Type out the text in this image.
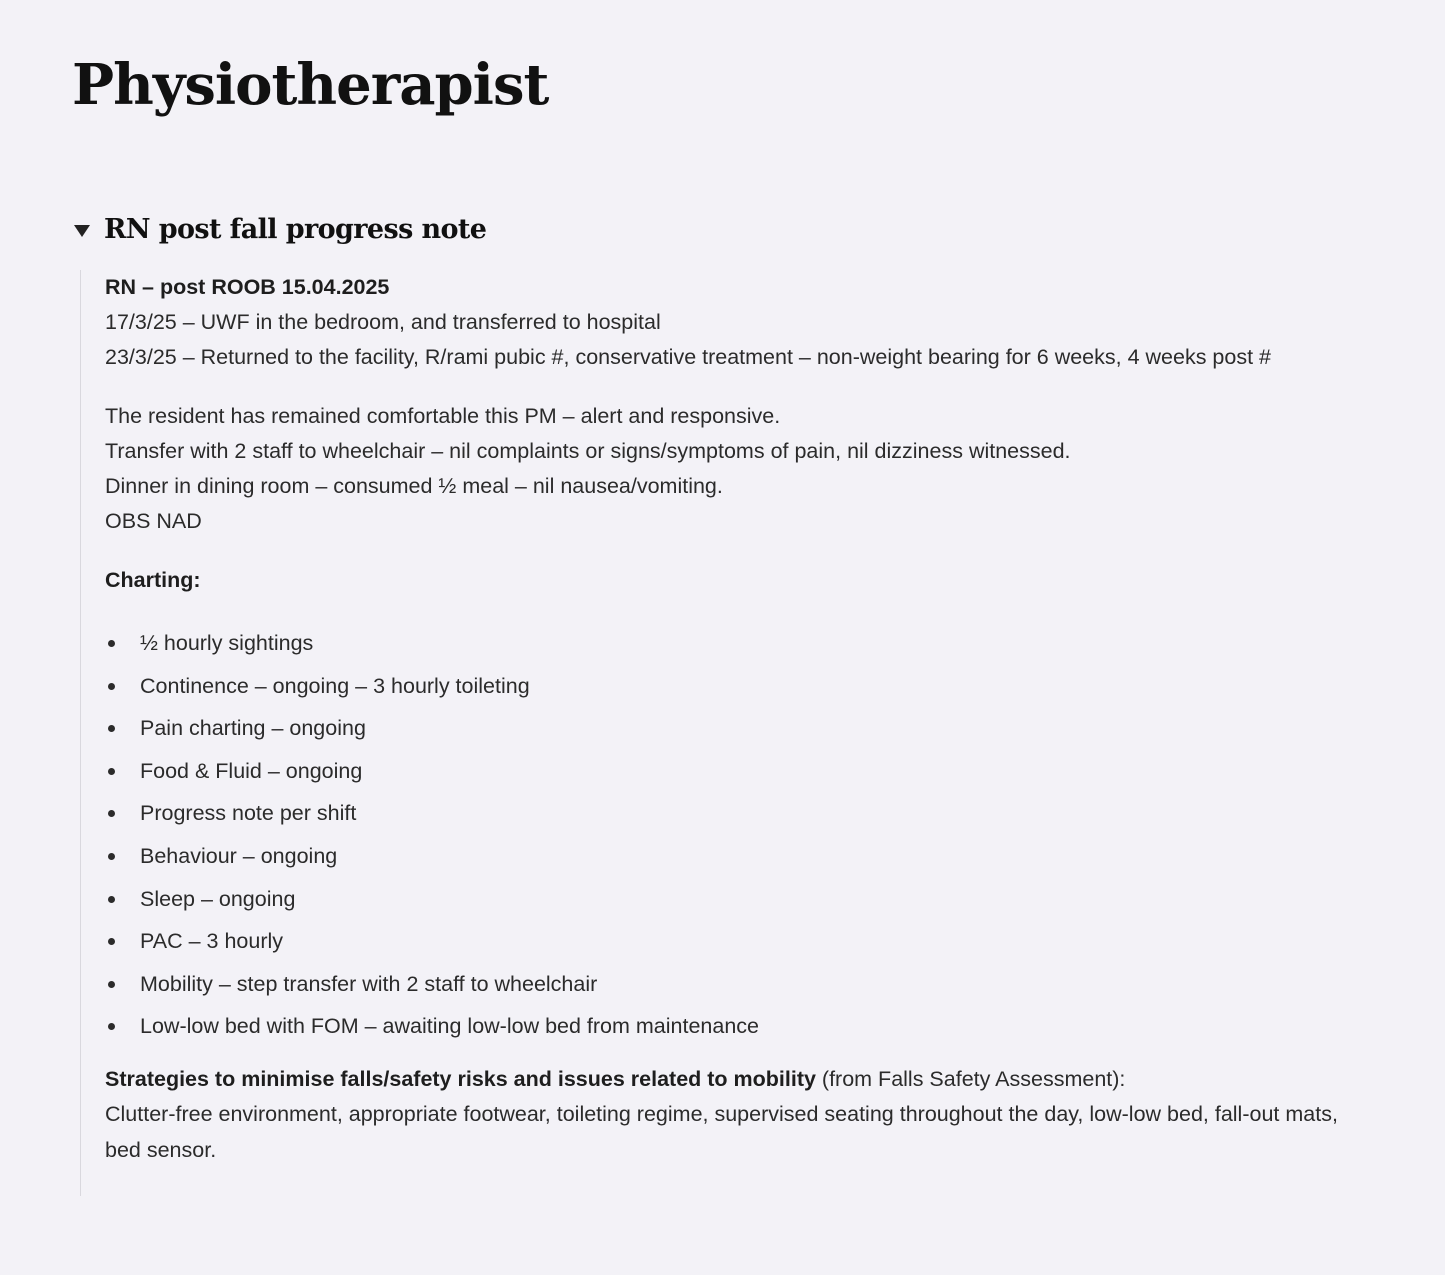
Physiotherapist
RN post fall progress note

RN – post ROOB 15.04.2025
17/3/25 – UWF in the bedroom, and transferred to hospital
23/3/25 – Returned to the facility, R/rami pubic #, conservative treatment – non-weight bearing for 6 weeks, 4 weeks post #

The resident has remained comfortable this PM – alert and responsive.
Transfer with 2 staff to wheelchair – nil complaints or signs/symptoms of pain, nil dizziness witnessed.
Dinner in dining room – consumed ½ meal – nil nausea/vomiting.
OBS NAD

Charting:

½ hourly sightings
Continence – ongoing – 3 hourly toileting
Pain charting – ongoing
Food & Fluid – ongoing
Progress note per shift
Behaviour – ongoing
Sleep – ongoing
PAC – 3 hourly
Mobility – step transfer with 2 staff to wheelchair
Low-low bed with FOM – awaiting low-low bed from maintenance

Strategies to minimise falls/safety risks and issues related to mobility (from Falls Safety Assessment):
Clutter-free environment, appropriate footwear, toileting regime, supervised seating throughout the day, low-low bed, fall-out mats, bed sensor.
